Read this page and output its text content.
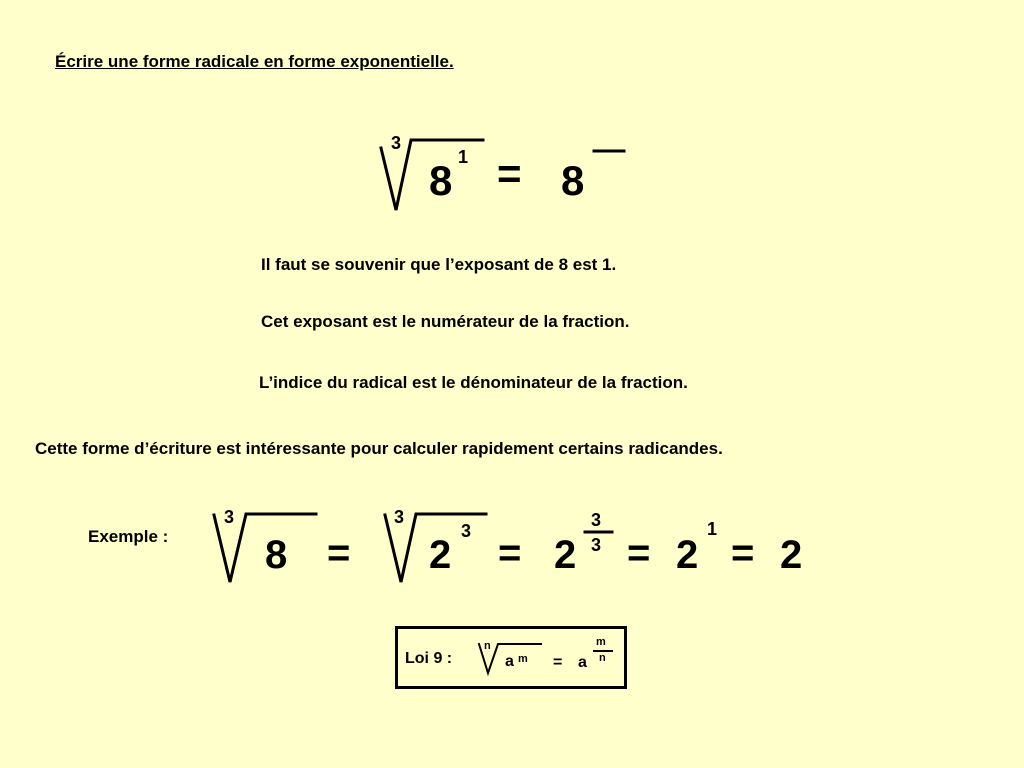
Écrire une forme radicale en forme exponentielle.
3
8 1 = 8
Il faut se souvenir que l’exposant de 8 est 1.
Cet exposant est le numérateur de la fraction.
L’indice du radical est le dénominateur de la fraction.
Cette forme d’écriture est intéressante pour calculer rapidement certains radicandes.
Exemple :
3
8 =
3
2
3 = 2
3
3 = 2
1
= 2
Loi 9 :
n
a m = a
m
n
